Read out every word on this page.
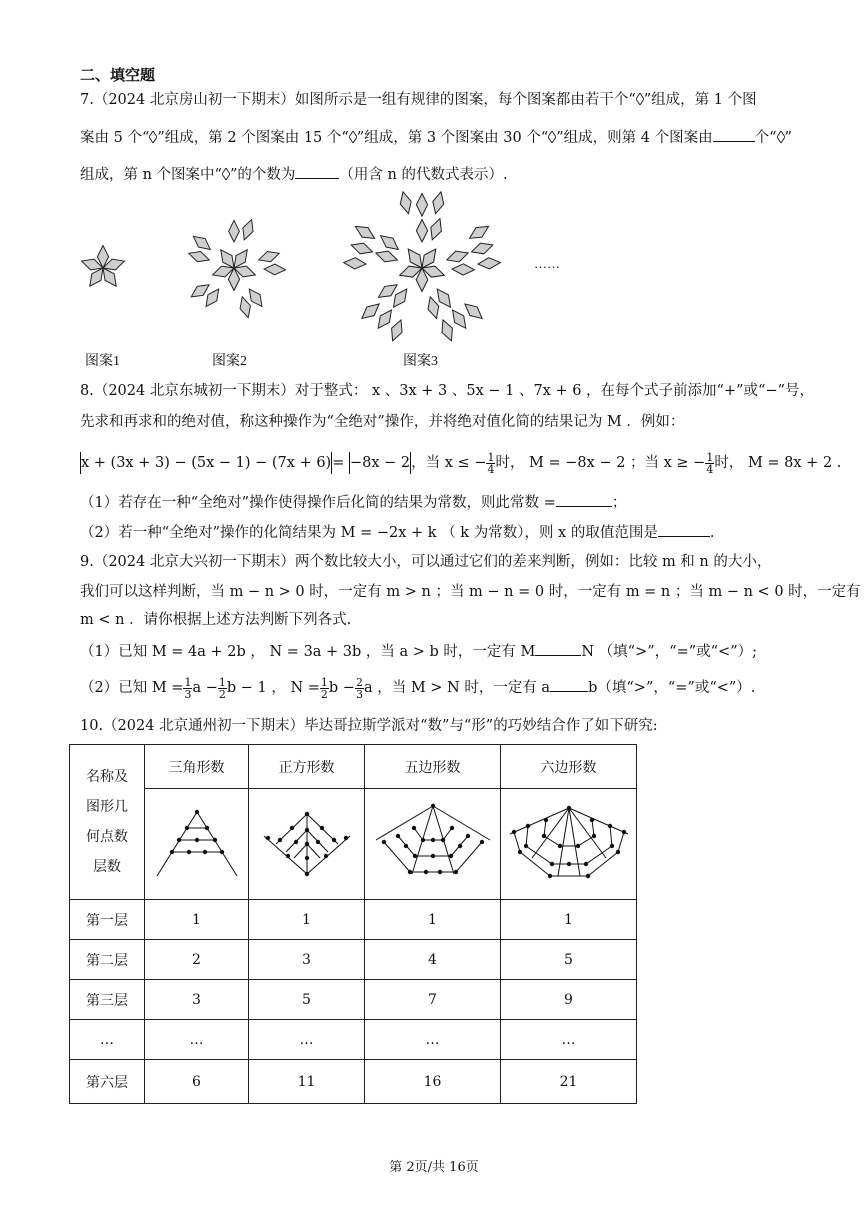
二、填空题
7.（2024 北京房山初一下期末）如图所示是一组有规律的图案，每个图案都由若干个“ ”组成，第 1 个图
案由 5 个“ ”组成，第 2 个图案由 15 个“ ”组成，第 3 个图案由 30 个“ ”组成，则第 4 个图案由	个“ ”
组成，第 n 个图案中“ ”的个数为	（用含 n 的代数式表示）.
……
图案1	图案2	图案3
8.（2024 北京东城初一下期末）对于整式： x 、3x + 3 、5x − 1 、7x + 6 ，在每个式子前添加“+”或“−”号，
先求和再求和的绝对值，称这种操作为“全绝对”操作，并将绝对值化简的结果记为 M ．例如：
x + (3x + 3) − (5x − 1) − (7x + 6)= −8x − 2，当 x ≤ − $\frac{1}{4}$ 时， M = −8x − 2 ；当 x ≥ − $\frac{1}{4}$ 时， M = 8x + 2 .
（1）若存在一种“全绝对”操作使得操作后化简的结果为常数，则此常数 =	；
（2）若一种“全绝对”操作的化简结果为 M = −2x + k （ k 为常数），则 x 的取值范围是	.
9.（2024 北京大兴初一下期末）两个数比较大小，可以通过它们的差来判断，例如：比较 m 和 n 的大小，
我们可以这样判断，当 m − n > 0 时，一定有 m > n ；当 m − n = 0 时，一定有 m = n ；当 m − n < 0 时，一定有
m < n ．请你根据上述方法判断下列各式.
（1）已知 M = 4a + 2b ， N = 3a + 3b ，当 a > b 时，一定有 M	N （填“>”，“=”或“<”）;
（2）已知 $M = \frac{1}{3}$ $a - \frac{1}{2}$ b − 1 ， $N = \frac{1}{2}$ $b - \frac{2}{3}$ a ，当 M > N 时，一定有 a	b（填“>”，“=”或“<”）.
10.（2024 北京通州初一下期末）毕达哥拉斯学派对“数”与“形”的巧妙结合作了如下研究:
名称及
图形几
何点数
层数	三角形数	正方形数	五边形数	六边形数

第一层	1	1	1	1
第二层	2	3	4	5
第三层	3	5	7	9
…	…	…	…	…
第六层	6	11	16	21
第 2页/共 16页
